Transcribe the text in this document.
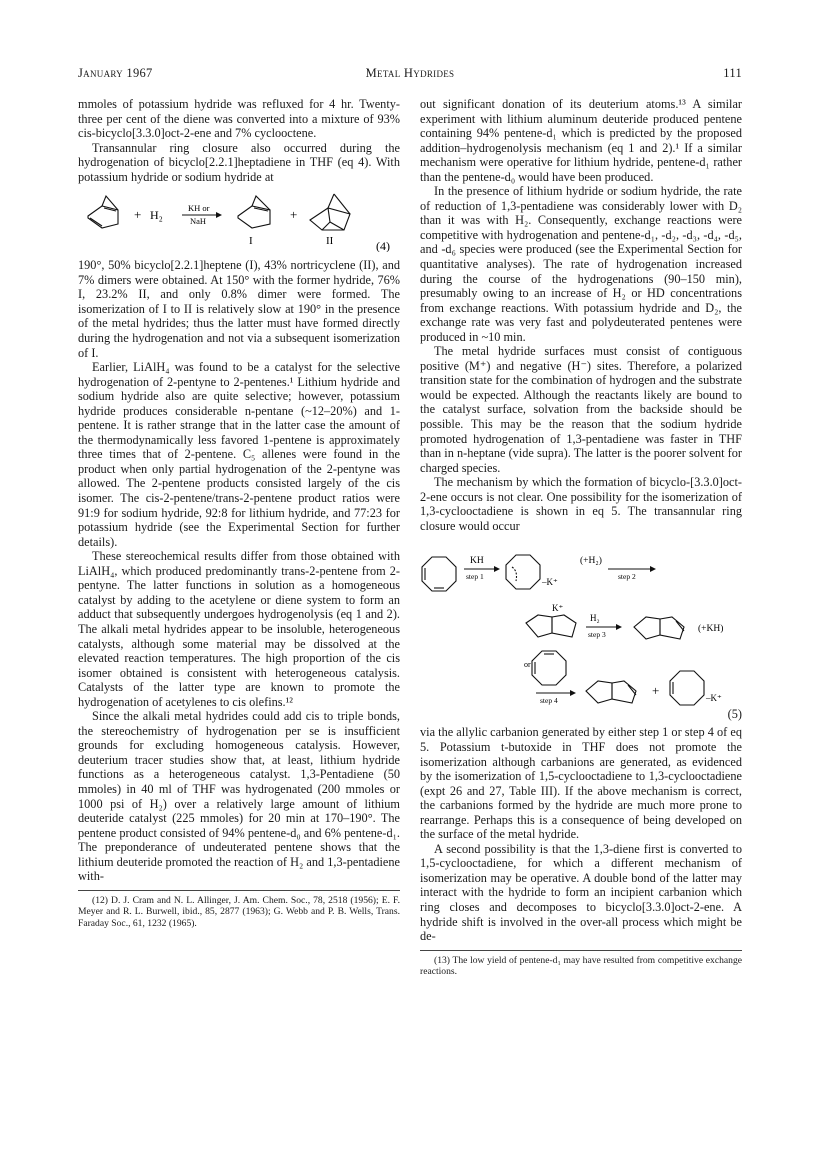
January 1967	Metal Hydrides	111

mmoles of potassium hydride was refluxed for 4 hr. Twenty-three per cent of the diene was converted into a mixture of 93% cis-bicyclo[3.3.0]oct-2-ene and 7% cyclooctene.

Transannular ring closure also occurred during the hydrogenation of bicyclo[2.2.1]heptadiene in THF (eq 4). With potassium hydride or sodium hydride at

+ H₂	KH or
NaH
I
+
II	(4)

190°, 50% bicyclo[2.2.1]heptene (I), 43% nortricyclene (II), and 7% dimers were obtained. At 150° with the former hydride, 76% I, 23.2% II, and only 0.8% dimer were formed. The isomerization of I to II is relatively slow at 190° in the presence of the metal hydrides; thus the latter must have formed directly during the hydrogenation and not via a subsequent isomerization of I.

Earlier, LiAlH₄ was found to be a catalyst for the selective hydrogenation of 2-pentyne to 2-pentenes.¹ Lithium hydride and sodium hydride also are quite selective; however, potassium hydride produces considerable n-pentane (~12–20%) and 1-pentene. It is rather strange that in the latter case the amount of the thermodynamically less favored 1-pentene is approximately three times that of 2-pentene. C₅ allenes were found in the product when only partial hydrogenation of the 2-pentyne was allowed. The 2-pentene products consisted largely of the cis isomer. The cis-2-pentene/trans-2-pentene product ratios were 91:9 for sodium hydride, 92:8 for lithium hydride, and 77:23 for potassium hydride (see the Experimental Section for further details).

These stereochemical results differ from those obtained with LiAlH₄, which produced predominantly trans-2-pentene from 2-pentyne. The latter functions in solution as a homogeneous catalyst by adding to the acetylene or diene system to form an adduct that subsequently undergoes hydrogenolysis (eq 1 and 2). The alkali metal hydrides appear to be insoluble, heterogeneous catalysts, although some material may be dissolved at the elevated reaction temperatures. The high proportion of the cis isomer obtained is consistent with heterogeneous catalysis. Catalysts of the latter type are known to promote the hydrogenation of acetylenes to cis olefins.¹²

Since the alkali metal hydrides could add cis to triple bonds, the stereochemistry of hydrogenation per se is insufficient grounds for excluding homogeneous catalysis. However, deuterium tracer studies show that, at least, lithium hydride functions as a heterogeneous catalyst. 1,3-Pentadiene (50 mmoles) in 40 ml of THF was hydrogenated (200 mmoles or 1000 psi of H₂) over a relatively large amount of lithium deuteride catalyst (225 mmoles) for 20 min at 170–190°. The pentene product consisted of 94% pentene-d₀ and 6% pentene-d₁. The preponderance of undeuterated pentene shows that the lithium deuteride promoted the reaction of H₂ and 1,3-pentadiene with-

(12) D. J. Cram and N. L. Allinger, J. Am. Chem. Soc., 78, 2518 (1956); E. F. Meyer and R. L. Burwell, ibid., 85, 2877 (1963); G. Webb and P. B. Wells, Trans. Faraday Soc., 61, 1232 (1965).

out significant donation of its deuterium atoms.¹³ A similar experiment with lithium aluminum deuteride produced pentene containing 94% pentene-d₁ which is predicted by the proposed addition–hydrogenolysis mechanism (eq 1 and 2).¹ If a similar mechanism were operative for lithium hydride, pentene-d₁ rather than the pentene-d₀ would have been produced.

In the presence of lithium hydride or sodium hydride, the rate of reduction of 1,3-pentadiene was considerably lower with D₂ than it was with H₂. Consequently, exchange reactions were competitive with hydrogenation and pentene-d₁, -d₂, -d₃, -d₄, -d₅, and -d₆ species were produced (see the Experimental Section for quantitative analyses). The rate of hydrogenation increased during the course of the hydrogenations (90–150 min), presumably owing to an increase of H₂ or HD concentrations from exchange reactions. With potassium hydride and D₂, the exchange rate was very fast and polydeuterated pentenes were produced in ~10 min.

The metal hydride surfaces must consist of contiguous positive (M⁺) and negative (H⁻) sites. Therefore, a polarized transition state for the combination of hydrogen and the substrate would be expected. Although the reactants likely are bound to the catalyst surface, solvation from the backside should be possible. This may be the reason that the sodium hydride promoted hydrogenation of 1,3-pentadiene was faster in THF than in n-heptane (vide supra). The latter is the poorer solvent for charged species.

The mechanism by which the formation of bicyclo-[3.3.0]oct-2-ene occurs is not clear. One possibility for the isomerization of 1,3-cyclooctadiene is shown in eq 5. The transannular ring closure would occur

KH
step 1
–K⁺
(+H₂)
step 2
K⁺
H₂
step 3
(+KH)
or
step 4
+	–K⁺
(5)

via the allylic carbanion generated by either step 1 or step 4 of eq 5. Potassium t-butoxide in THF does not promote the isomerization although carbanions are generated, as evidenced by the isomerization of 1,5-cyclooctadiene to 1,3-cyclooctadiene (expt 26 and 27, Table III). If the above mechanism is correct, the carbanions formed by the hydride are much more prone to rearrange. Perhaps this is a consequence of being developed on the surface of the metal hydride.

A second possibility is that the 1,3-diene first is converted to 1,5-cyclooctadiene, for which a different mechanism of isomerization may be operative. A double bond of the latter may interact with the hydride to form an incipient carbanion which ring closes and decomposes to bicyclo[3.3.0]oct-2-ene. A hydride shift is involved in the over-all process which might be de-

(13) The low yield of pentene-d₁ may have resulted from competitive exchange reactions.
